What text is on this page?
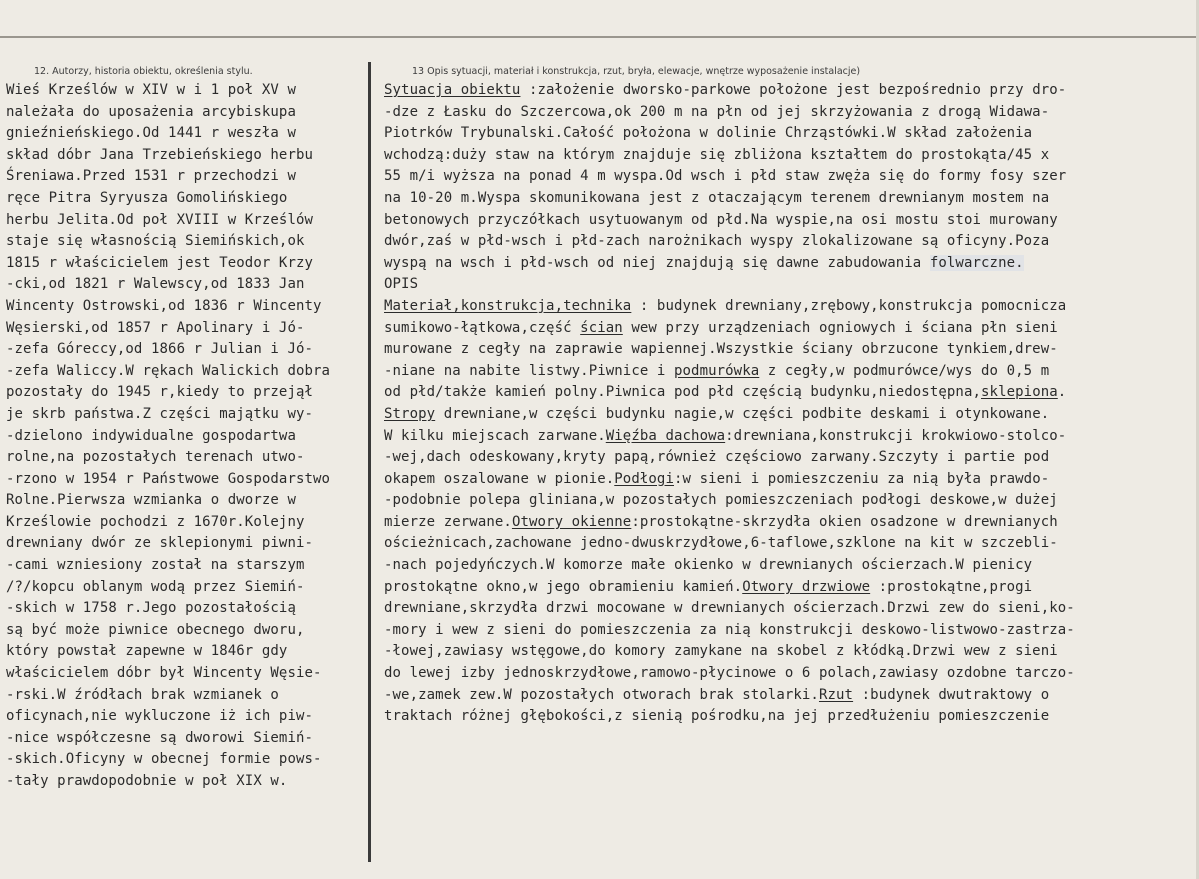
12. Autorzy, historia obiektu, określenia stylu.	13 Opis sytuacji, materiał i konstrukcja, rzut, bryła, elewacje, wnętrze wyposażenie instalacje)
Wieś Krześlów w XIV w i 1 poł XV w
należała do uposażenia arcybiskupa
gnieźnieńskiego.Od 1441 r weszła w
skład dóbr Jana Trzebieńskiego herbu
Śreniawa.Przed 1531 r przechodzi w
ręce Pitra Syryusza Gomolińskiego
herbu Jelita.Od poł XVIII w Krześlów
staje się własnością Siemińskich,ok
1815 r właścicielem jest Teodor Krzy
-cki,od 1821 r Walewscy,od 1833 Jan
Wincenty Ostrowski,od 1836 r Wincenty
Węsierski,od 1857 r Apolinary i Jó-
-zefa Góreccy,od 1866 r Julian i Jó-
-zefa Waliccy.W rękach Walickich dobra
pozostały do 1945 r,kiedy to przejął
je skrb państwa.Z części majątku wy-
-dzielono indywidualne gospodartwa
rolne,na pozostałych terenach utwo-
-rzono w 1954 r Państwowe Gospodarstwo
Rolne.Pierwsza wzmianka o dworze w
Krześlowie pochodzi z 1670r.Kolejny
drewniany dwór ze sklepionymi piwni-
-cami wzniesiony został na starszym
/?/kopcu oblanym wodą przez Siemiń-
-skich w 1758 r.Jego pozostałością
są być może piwnice obecnego dworu,
który powstał zapewne w 1846r gdy
właścicielem dóbr był Wincenty Węsie-
-rski.W źródłach brak wzmianek o
oficynach,nie wykluczone iż ich piw-
-nice współczesne są dworowi Siemiń-
-skich.Oficyny w obecnej formie pows-
-tały prawdopodobnie w poł XIX w.
Sytuacja obiektu :założenie dworsko-parkowe położone jest bezpośrednio przy dro-
-dze z Łasku do Szczercowa,ok 200 m na płn od jej skrzyżowania z drogą Widawa-
Piotrków Trybunalski.Całość położona w dolinie Chrząstówki.W skład założenia
wchodzą:duży staw na którym znajduje się zbliżona kształtem do prostokąta/45 x
55 m/i wyższa na ponad 4 m wyspa.Od wsch i płd staw zwęża się do formy fosy szer
na 10-20 m.Wyspa skomunikowana jest z otaczającym terenem drewnianym mostem na
betonowych przyczółkach usytuowanym od płd.Na wyspie,na osi mostu stoi murowany
dwór,zaś w płd-wsch i płd-zach narożnikach wyspy zlokalizowane są oficyny.Poza
wyspą na wsch i płd-wsch od niej znajdują się dawne zabudowania folwarczne.
OPIS
Materiał,konstrukcja,technika : budynek drewniany,zrębowy,konstrukcja pomocnicza
sumikowo-łątkowa,część ścian wew przy urządzeniach ogniowych i ściana płn sieni
murowane z cegły na zaprawie wapiennej.Wszystkie ściany obrzucone tynkiem,drew-
-niane na nabite listwy.Piwnice i podmurówka z cegły,w podmurówce/wys do 0,5 m
od płd/także kamień polny.Piwnica pod płd częścią budynku,niedostępna,sklepiona.
Stropy drewniane,w części budynku nagie,w części podbite deskami i otynkowane.
W kilku miejscach zarwane.Więźba dachowa:drewniana,konstrukcji krokwiowo-stolco-
-wej,dach odeskowany,kryty papą,również częściowo zarwany.Szczyty i partie pod
okapem oszalowane w pionie.Podłogi:w sieni i pomieszczeniu za nią była prawdo-
-podobnie polepa gliniana,w pozostałych pomieszczeniach podłogi deskowe,w dużej
mierze zerwane.Otwory okienne:prostokątne-skrzydła okien osadzone w drewnianych
ościeżnicach,zachowane jedno-dwuskrzydłowe,6-taflowe,szklone na kit w szczebli-
-nach pojedyńczych.W komorze małe okienko w drewnianych ościerzach.W pienicy
prostokątne okno,w jego obramieniu kamień.Otwory drzwiowe :prostokątne,progi
drewniane,skrzydła drzwi mocowane w drewnianych ościerzach.Drzwi zew do sieni,ko-
-mory i wew z sieni do pomieszczenia za nią konstrukcji deskowo-listwowo-zastrza-
-łowej,zawiasy wstęgowe,do komory zamykane na skobel z kłódką.Drzwi wew z sieni
do lewej izby jednoskrzydłowe,ramowo-płycinowe o 6 polach,zawiasy ozdobne tarczo-
-we,zamek zew.W pozostałych otworach brak stolarki.Rzut :budynek dwutraktowy o
traktach różnej głębokości,z sienią pośrodku,na jej przedłużeniu pomieszczenie
